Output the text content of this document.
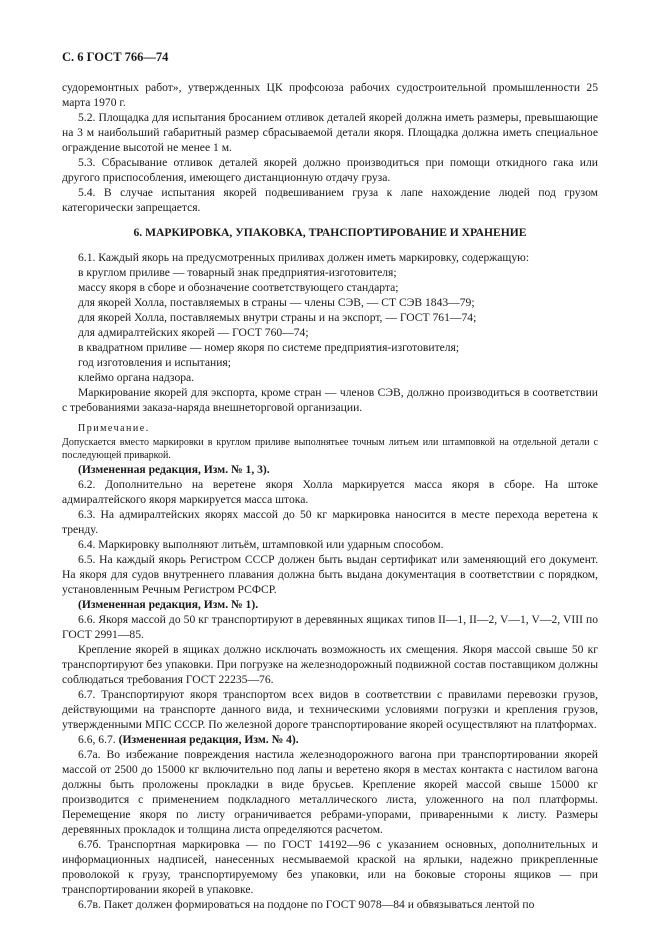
С. 6 ГОСТ 766—74

судоремонтных работ», утвержденных ЦК профсоюза рабочих судостроительной промышленности 25 марта 1970 г.

5.2. Площадка для испытания бросанием отливок деталей якорей должна иметь размеры, превышающие на 3 м наибольший габаритный размер сбрасываемой детали якоря. Площадка должна иметь специальное ограждение высотой не менее 1 м.

5.3. Сбрасывание отливок деталей якорей должно производиться при помощи откидного гака или другого приспособления, имеющего дистанционную отдачу груза.

5.4. В случае испытания якорей подвешиванием груза к лапе нахождение людей под грузом категорически запрещается.

6. МАРКИРОВКА, УПАКОВКА, ТРАНСПОРТИРОВАНИЕ И ХРАНЕНИЕ

6.1. Каждый якорь на предусмотренных приливах должен иметь маркировку, содержащую:

в круглом приливе — товарный знак предприятия-изготовителя;

массу якоря в сборе и обозначение соответствующего стандарта;

для якорей Холла, поставляемых в страны — члены СЭВ, — СТ СЭВ 1843—79;

для якорей Холла, поставляемых внутри страны и на экспорт, — ГОСТ 761—74;

для адмиралтейских якорей — ГОСТ 760—74;

в квадратном приливе — номер якоря по системе предприятия-изготовителя;

год изготовления и испытания;

клеймо органа надзора.

Маркирование якорей для экспорта, кроме стран — членов СЭВ, должно производиться в соответствии с требованиями заказа-наряда внешнеторговой организации.

Примечание.

Допускается вместо маркировки в круглом приливе выполнятьее точным литьем или штамповкой на отдельной детали с последующей приваркой.

(Измененная редакция, Изм. № 1, 3).

6.2. Дополнительно на веретене якоря Холла маркируется масса якоря в сборе. На штоке адмиралтейского якоря маркируется масса штока.

6.3. На адмиралтейских якорях массой до 50 кг маркировка наносится в месте перехода веретена к трендy.

6.4. Маркировку выполняют литьём, штамповкой или ударным способом.

6.5. На каждый якорь Регистром СССР должен быть выдан сертификат или заменяющий его документ. На якоря для судов внутреннего плавания должна быть выдана документация в соответствии с порядком, установленным Речным Регистром РСФСР.

(Измененная редакция, Изм. № 1).

6.6. Якоря массой до 50 кг транспортируют в деревянных ящиках типов II—1, II—2, V—1, V—2, VIII по ГОСТ 2991—85.

Крепление якорей в ящиках должно исключать возможность их смещения. Якоря массой свыше 50 кг транспортируют без упаковки. При погрузке на железнодорожный подвижной состав поставщиком должны соблюдаться требования ГОСТ 22235—76.

6.7. Транспортируют якоря транспортом всех видов в соответствии с правилами перевозки грузов, действующими на транспорте данного вида, и техническими условиями погрузки и крепления грузов, утвержденными МПС СССР. По железной дороге транспортирование якорей осуществляют на платформах.

6.6, 6.7. (Измененная редакция, Изм. № 4).

6.7а. Во избежание повреждения настила железнодорожного вагона при транспортировании якорей массой от 2500 до 15000 кг включительно под лапы и веретено якоря в местах контакта с настилом вагона должны быть проложены прокладки в виде брусьев. Крепление якорей массой свыше 15000 кг производится с применением подкладного металлического листа, уложенного на пол платформы. Перемещение якоря по листу ограничивается ребрами-упорами, приваренными к листу. Размеры деревянных прокладок и толщина листа определяются расчетом.

6.7б. Транспортная маркировка — по ГОСТ 14192—96 с указанием основных, дополнительных и информационных надписей, нанесенных несмываемой краской на ярлыки, надежно прикрепленные проволокой к грузу, транспортируемому без упаковки, или на боковые стороны ящиков — при транспортировании якорей в упаковке.

6.7в. Пакет должен формироваться на поддоне по ГОСТ 9078—84 и обвязываться лентой по
